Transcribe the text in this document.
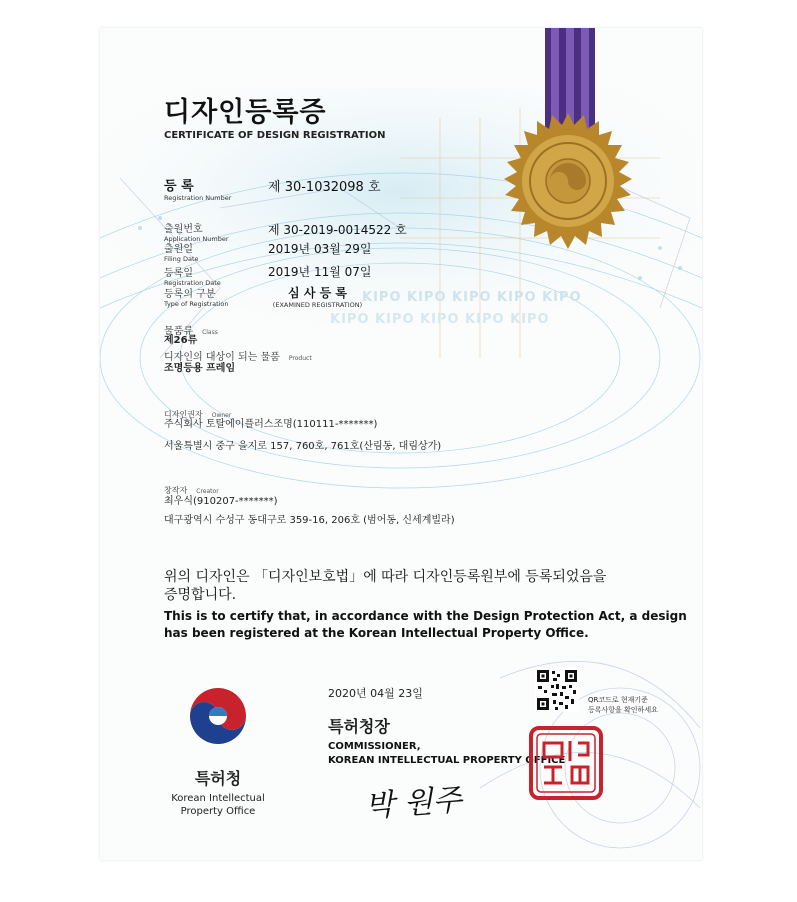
디자인등록증
CERTIFICATE OF DESIGN REGISTRATION
등 록
Registration Number
제 30-1032098 호
출원번호
Application Number
제 30-2019-0014522 호
출원일
Filing Date
2019년 03월 29일
등록일
Registration Date
2019년 11월 07일
등록의 구분
Type of Registration
심 사 등 록
(EXAMINED REGISTRATION) KIPO KIPO KIPO KIPO KIPO
KIPO KIPO KIPO KIPO KIPO
물품류 Class
제26류
디자인의 대상이 되는 물품 Product
조명등용 프레임
디자인권자 Owner
주식회사 토탈에이플러스조명(110111-*******)
서울특별시 중구 을지로 157, 760호, 761호(산림동, 대림상가)
창작자 Creator
최우식(910207-*******)
대구광역시 수성구 동대구로 359-16, 206호 (범어동, 신세계빌라)
위의 디자인은 「디자인보호법」에 따라 디자인등록원부에 등록되었음을
증명합니다.
This is to certify that, in accordance with the Design Protection Act, a design
has been registered at the Korean Intellectual Property Office.
2020년 04월 23일	QR코드로 현재기준
등록사항을 확인하세요
특허청장
COMMISSIONER,
KOREAN INTELLECTUAL PROPERTY OFFICE
박 원주
특허청
Korean Intellectual
Property Office
